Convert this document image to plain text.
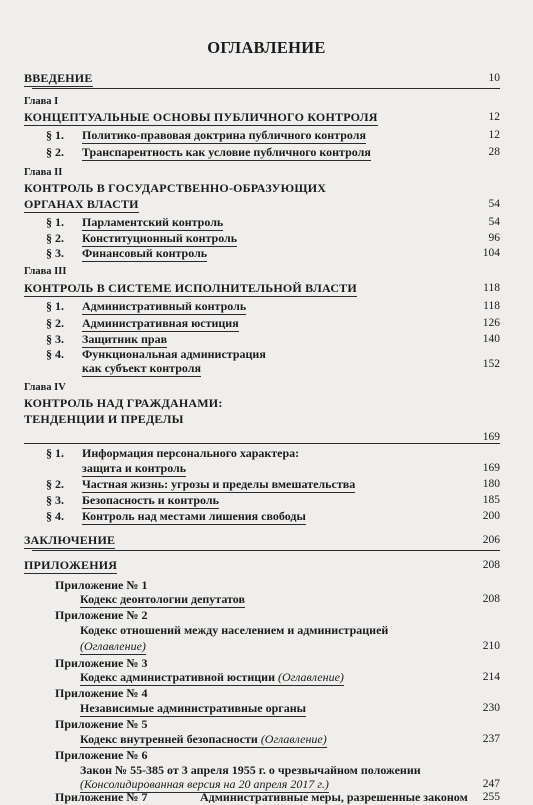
ОГЛАВЛЕНИЕ
ВВЕДЕНИЕ	10
Глава I
КОНЦЕПТУАЛЬНЫЕ ОСНОВЫ ПУБЛИЧНОГО КОНТРОЛЯ	12
§ 1. Политико-правовая доктрина публичного контроля	12
§ 2. Транспарентность как условие публичного контроля	28
Глава II
КОНТРОЛЬ В ГОСУДАРСТВЕННО-ОБРАЗУЮЩИХ
ОРГАНАХ ВЛАСТИ	54
§ 1. Парламентский контроль	54
§ 2. Конституционный контроль	96
§ 3. Финансовый контроль	104
Глава III
КОНТРОЛЬ В СИСТЕМЕ ИСПОЛНИТЕЛЬНОЙ ВЛАСТИ	118
§ 1. Административный контроль	118
§ 2. Административная юстиция	126
§ 3. Защитник прав	140
§ 4. Функциональная администрация
как субъект контроля	152
Глава IV
КОНТРОЛЬ НАД ГРАЖДАНАМИ:
ТЕНДЕНЦИИ И ПРЕДЕЛЫ
169
§ 1. Информация персонального характера:
защита и контроль	169
§ 2. Частная жизнь: угрозы и пределы вмешательства	180
§ 3. Безопасность и контроль	185
§ 4. Контроль над местами лишения свободы	200
ЗАКЛЮЧЕНИЕ	206
ПРИЛОЖЕНИЯ	208
Приложение № 1
Кодекс деонтологии депутатов	208
Приложение № 2
Кодекс отношений между населением и администрацией
(Оглавление)	210
Приложение № 3
Кодекс административной юстиции (Оглавление)	214
Приложение № 4
Независимые административные органы	230
Приложение № 5
Кодекс внутренней безопасности (Оглавление)	237
Приложение № 6
Закон № 55-385 от 3 апреля 1955 г. о чрезвычайном положении
(Консолидированная версия на 20 апреля 2017 г.)	247
Приложение № 7	Административные меры, разрешенные законом	255
